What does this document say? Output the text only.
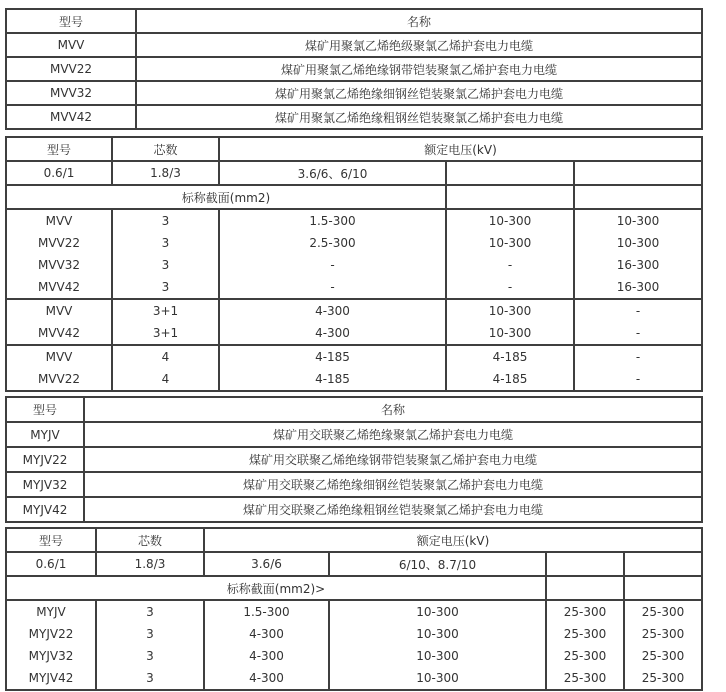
型号	名称
MVV	煤矿用聚氯乙烯绝级聚氯乙烯护套电力电缆
MVV22	煤矿用聚氯乙烯绝缘钢带铠装聚氯乙烯护套电力电缆
MVV32	煤矿用聚氯乙烯绝缘细钢丝铠装聚氯乙烯护套电力电缆
MVV42	煤矿用聚氯乙烯绝缘粗钢丝铠装聚氯乙烯护套电力电缆
型号	芯数	额定电压(kV)		
0.6/1	1.8/3	3.6/6、6/10		
标称截面(mm2)				
MVV	3	1.5-300	10-300	10-300
MVV22	3	2.5-300	10-300	10-300
MVV32	3	-	-	16-300
MVV42	3	-	-	16-300
MVV	3+1	4-300	10-300	-
MVV42	3+1	4-300	10-300	-
MVV	4	4-185	4-185	-
MVV22	4	4-185	4-185	-
型号	名称
MYJV	煤矿用交联聚乙烯绝缘聚氯乙烯护套电力电缆
MYJV22	煤矿用交联聚乙烯绝缘钢带铠装聚氯乙烯护套电力电缆
MYJV32	煤矿用交联聚乙烯绝缘细钢丝铠装聚氯乙烯护套电力电缆
MYJV42	煤矿用交联聚乙烯绝缘粗钢丝铠装聚氯乙烯护套电力电缆
型号	芯数	额定电压(kV)			
0.6/1	1.8/3	3.6/6	6/10、8.7/10		
标称截面(mm2)>					
MYJV	3	1.5-300	10-300	25-300	25-300
MYJV22	3	4-300	10-300	25-300	25-300
MYJV32	3	4-300	10-300	25-300	25-300
MYJV42	3	4-300	10-300	25-300	25-300
